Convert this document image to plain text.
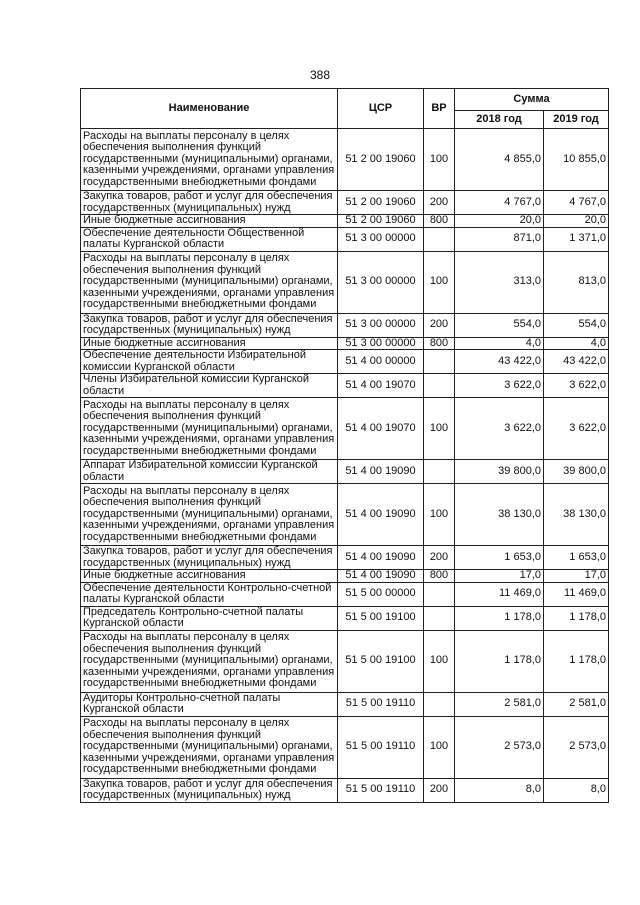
388
Наименование	ЦСР	ВР	Сумма	
			2018 год	2019 год
Расходы на выплаты персоналу в целях обеспечения выполнения функций государственными (муниципальными) органами, казенными учреждениями, органами управления государственными внебюджетными фондами	51 2 00 19060	100	4 855,0	10 855,0
Закупка товаров, работ и услуг для обеспечения государственных (муниципальных) нужд	51 2 00 19060	200	4 767,0	4 767,0
Иные бюджетные ассигнования	51 2 00 19060	800	20,0	20,0
Обеспечение деятельности Общественной палаты Курганской области	51 3 00 00000		871,0	1 371,0
Расходы на выплаты персоналу в целях обеспечения выполнения функций государственными (муниципальными) органами, казенными учреждениями, органами управления государственными внебюджетными фондами	51 3 00 00000	100	313,0	813,0
Закупка товаров, работ и услуг для обеспечения государственных (муниципальных) нужд	51 3 00 00000	200	554,0	554,0
Иные бюджетные ассигнования	51 3 00 00000	800	4,0	4,0
Обеспечение деятельности Избирательной комиссии Курганской области	51 4 00 00000		43 422,0	43 422,0
Члены Избирательной комиссии Курганской области	51 4 00 19070		3 622,0	3 622,0
Расходы на выплаты персоналу в целях обеспечения выполнения функций государственными (муниципальными) органами, казенными учреждениями, органами управления государственными внебюджетными фондами	51 4 00 19070	100	3 622,0	3 622,0
Аппарат Избирательной комиссии Курганской области	51 4 00 19090		39 800,0	39 800,0
Расходы на выплаты персоналу в целях обеспечения выполнения функций государственными (муниципальными) органами, казенными учреждениями, органами управления государственными внебюджетными фондами	51 4 00 19090	100	38 130,0	38 130,0
Закупка товаров, работ и услуг для обеспечения государственных (муниципальных) нужд	51 4 00 19090	200	1 653,0	1 653,0
Иные бюджетные ассигнования	51 4 00 19090	800	17,0	17,0
Обеспечение деятельности Контрольно-счетной палаты Курганской области	51 5 00 00000		11 469,0	11 469,0
Председатель Контрольно-счетной палаты Курганской области	51 5 00 19100		1 178,0	1 178,0
Расходы на выплаты персоналу в целях обеспечения выполнения функций государственными (муниципальными) органами, казенными учреждениями, органами управления государственными внебюджетными фондами	51 5 00 19100	100	1 178,0	1 178,0
Аудиторы Контрольно-счетной палаты Курганской области	51 5 00 19110		2 581,0	2 581,0
Расходы на выплаты персоналу в целях обеспечения выполнения функций государственными (муниципальными) органами, казенными учреждениями, органами управления государственными внебюджетными фондами	51 5 00 19110	100	2 573,0	2 573,0
Закупка товаров, работ и услуг для обеспечения государственных (муниципальных) нужд	51 5 00 19110	200	8,0	8,0
